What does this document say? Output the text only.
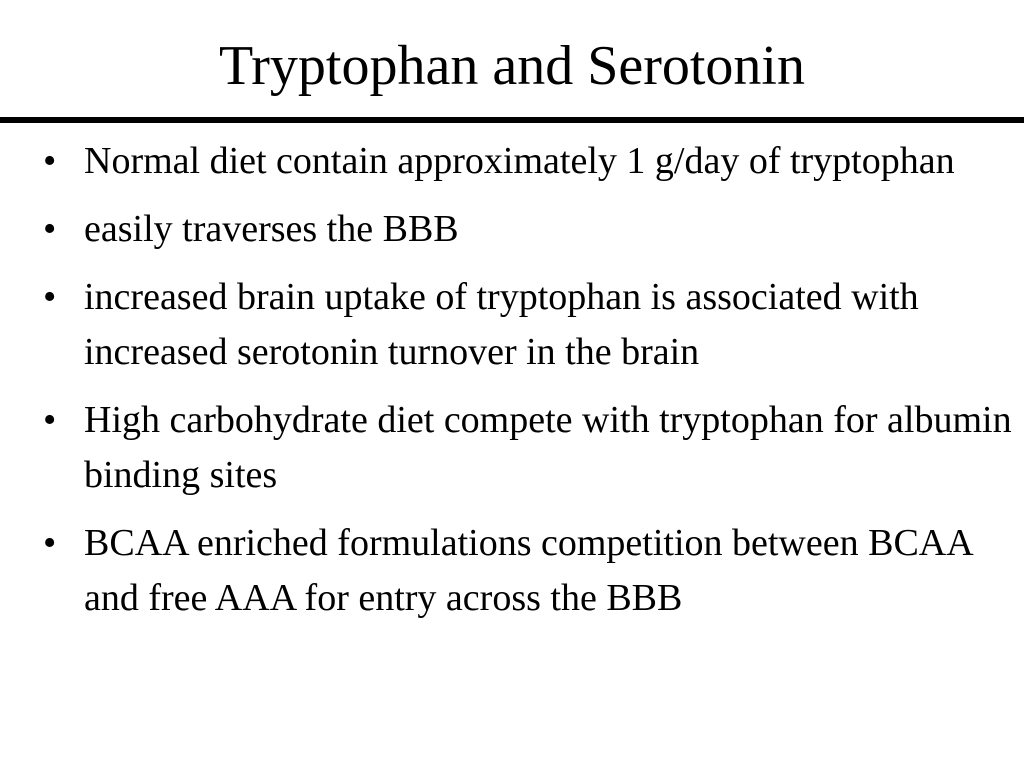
Tryptophan and Serotonin
• Normal diet contain approximately 1 g/day of tryptophan
• easily traverses the BBB
• increased brain uptake of tryptophan is associated with increased serotonin turnover in the brain
• High carbohydrate diet compete with tryptophan for albumin binding sites
• BCAA enriched formulations competition between BCAA and free AAA for entry across the BBB
